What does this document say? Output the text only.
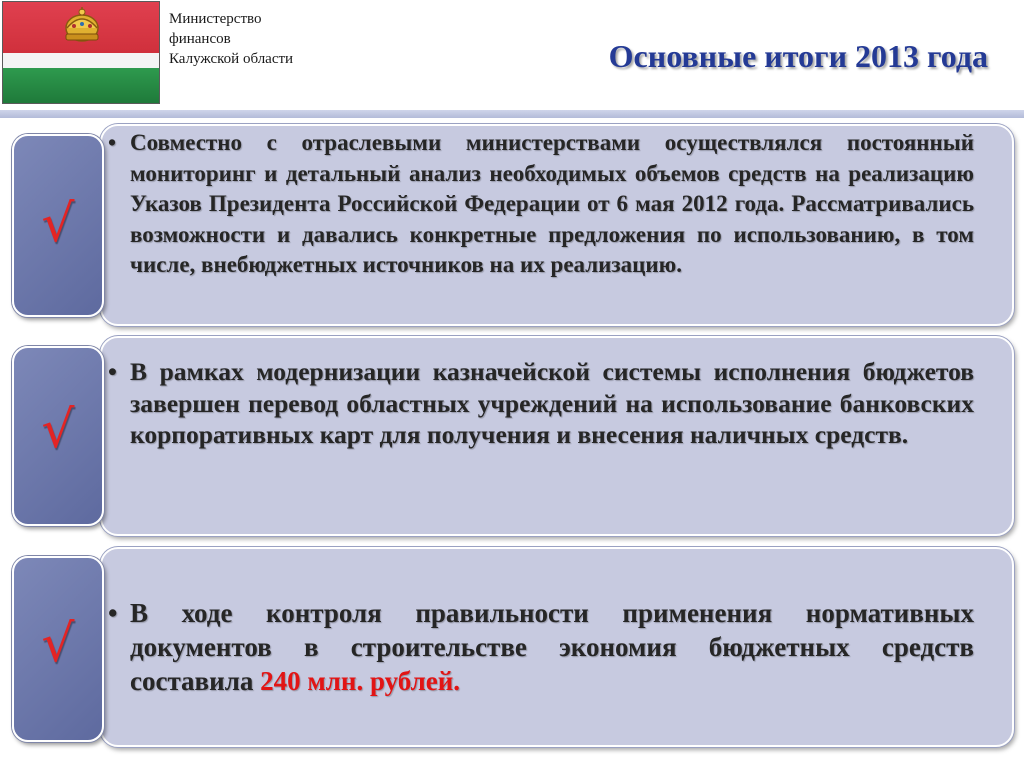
Министерство
финансов
Калужской области	Основные итоги 2013 года

• Совместно с отраслевыми министерствами осуществлялся постоянный мониторинг и детальный анализ необходимых объемов средств на реализацию Указов Президента Российской Федерации от 6 мая 2012 года. Рассматривались возможности и давались конкретные предложения по использованию, в том числе, внебюджетных источников на их реализацию.

√

• В рамках модернизации казначейской системы исполнения бюджетов завершен перевод областных учреждений на использование банковских корпоративных карт для получения и внесения наличных средств.

√

• В ходе контроля правильности применения нормативных документов в строительстве экономия бюджетных средств составила 240 млн. рублей.

√
